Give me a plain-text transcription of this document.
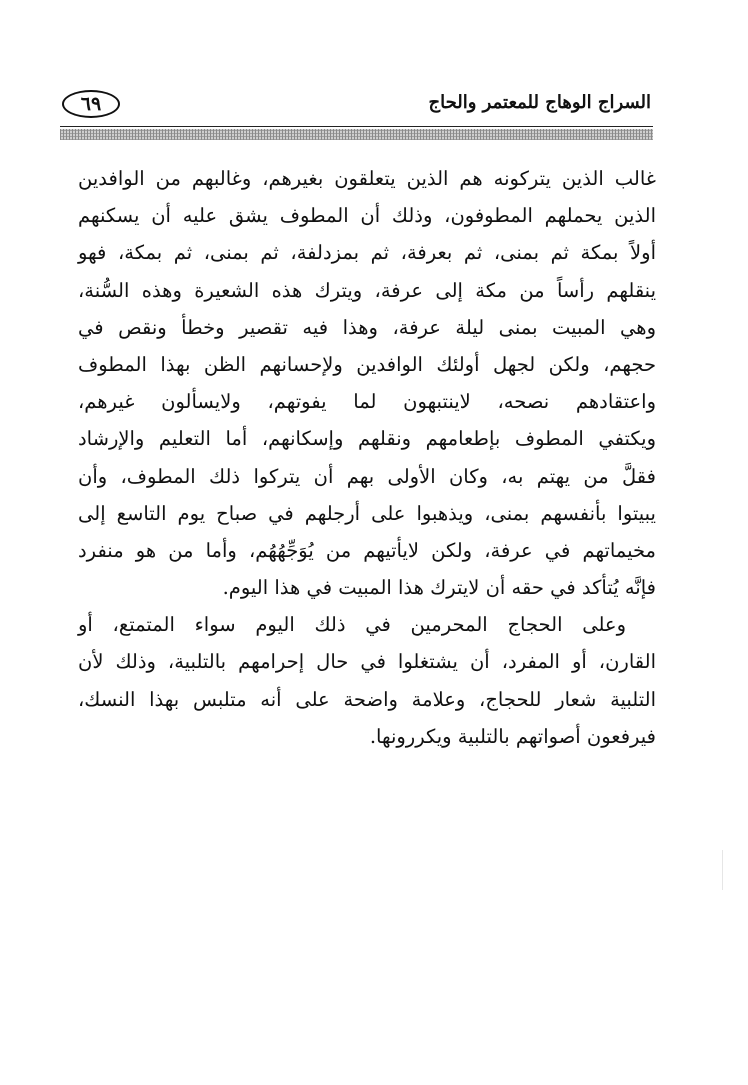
٦٩	السراج الوهاج للمعتمر والحاج
غالب الذين يتركونه هم الذين يتعلقون بغيرهم، وغالبهم من الوافدين
الذين يحملهم المطوفون، وذلك أن المطوف يشق عليه أن يسكنهم
أولاً بمكة ثم بمنى، ثم بعرفة، ثم بمزدلفة، ثم بمنى، ثم بمكة، فهو
ينقلهم رأساً من مكة إلى عرفة، ويترك هذه الشعيرة وهذه السُّنة،
وهي المبيت بمنى ليلة عرفة، وهذا فيه تقصير وخطأ ونقص في
حجهم، ولكن لجهل أولئك الوافدين ولإحسانهم الظن بهذا المطوف
واعتقادهم نصحه، لاينتبهون لما يفوتهم، ولايسألون غيرهم،
ويكتفي المطوف بإطعامهم ونقلهم وإسكانهم، أما التعليم والإرشاد
فقلَّ من يهتم به، وكان الأولى بهم أن يتركوا ذلك المطوف، وأن
يبيتوا بأنفسهم بمنى، ويذهبوا على أرجلهم في صباح يوم التاسع إلى
مخيماتهم في عرفة، ولكن لايأتيهم من يُوَجِّهُهُم، وأما من هو منفرد
فإنَّه يُتأكد في حقه أن لايترك هذا المبيت في هذا اليوم.
وعلى الحجاج المحرمين في ذلك اليوم سواء المتمتع، أو
القارن، أو المفرد، أن يشتغلوا في حال إحرامهم بالتلبية، وذلك لأن
التلبية شعار للحجاج، وعلامة واضحة على أنه متلبس بهذا النسك،
فيرفعون أصواتهم بالتلبية ويكررونها.
